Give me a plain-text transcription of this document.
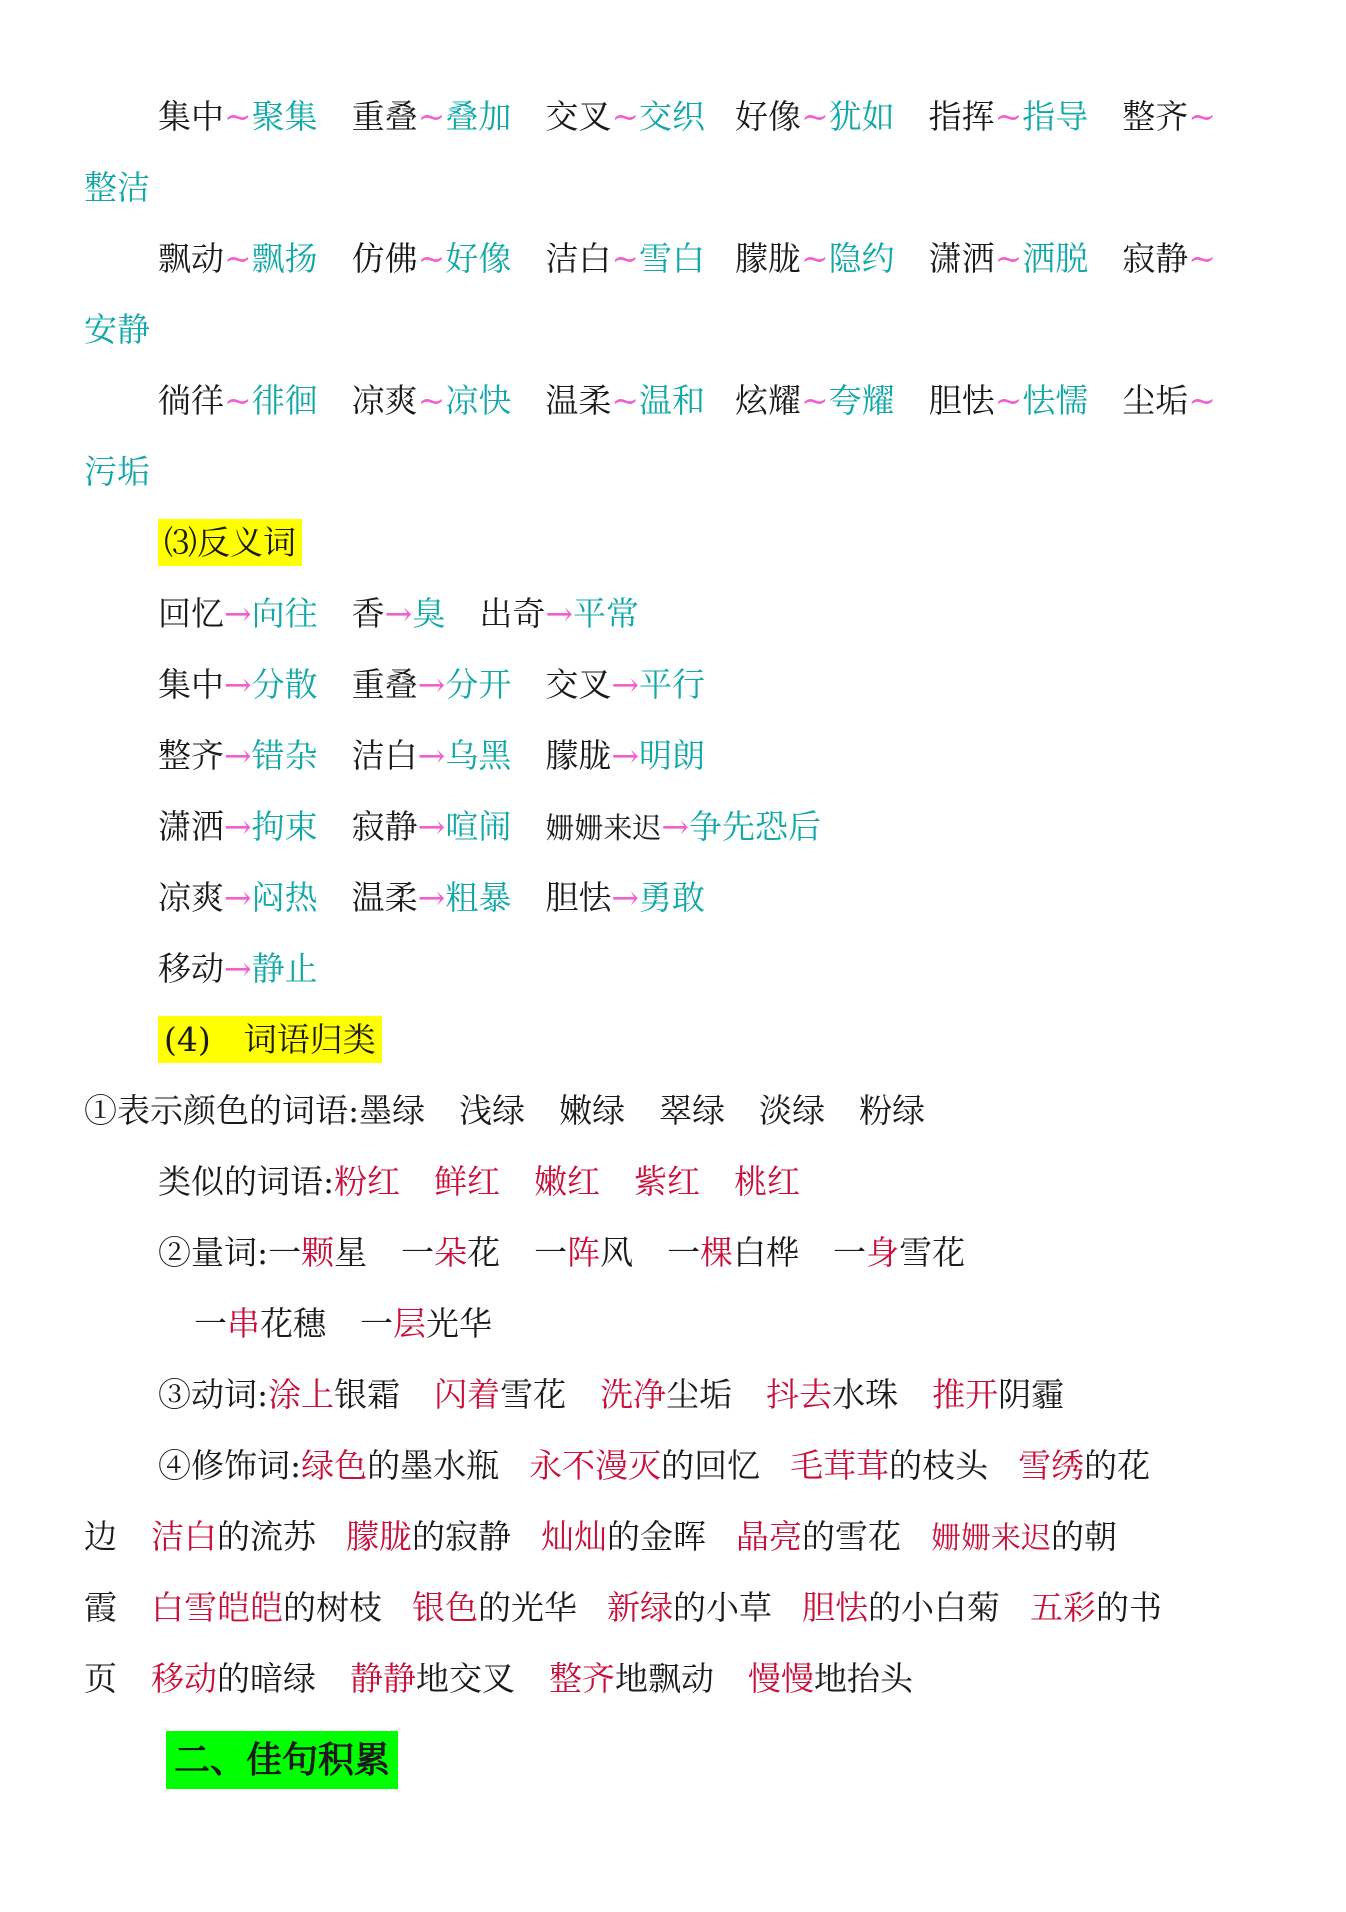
集中~聚集 重叠~叠加 交叉~交织 好像~犹如 指挥~指导 整齐~
整洁
飘动~飘扬 仿佛~好像 洁白~雪白 朦胧~隐约 潇洒~洒脱 寂静~
安静
徜徉~徘徊 凉爽~凉快 温柔~温和 炫耀~夸耀 胆怯~怯懦 尘垢~
污垢
⑶反义词
回忆→向往 香→臭 出奇→平常
集中→分散 重叠→分开 交叉→平行
整齐→错杂 洁白→乌黑 朦胧→明朗
潇洒→拘束 寂静→喧闹 姗姗来迟→争先恐后
凉爽→闷热 温柔→粗暴 胆怯→勇敢
移动→静止
(4)　词语归类
①表示颜色的词语:墨绿 浅绿 嫩绿 翠绿 淡绿 粉绿
类似的词语:粉红 鲜红 嫩红 紫红 桃红
②量词:一颗星 一朵花 一阵风 一棵白桦 一身雪花
一串花穗 一层光华
③动词:涂上银霜 闪着雪花 洗净尘垢 抖去水珠 推开阴霾
④修饰词:绿色的墨水瓶 永不漫灭的回忆 毛茸茸的枝头 雪绣的花
边 洁白的流苏 朦胧的寂静 灿灿的金晖 晶亮的雪花 姗姗来迟的朝
霞 白雪皑皑的树枝 银色的光华 新绿的小草 胆怯的小白菊 五彩的书
页 移动的暗绿 静静地交叉 整齐地飘动 慢慢地抬头
二、佳句积累
